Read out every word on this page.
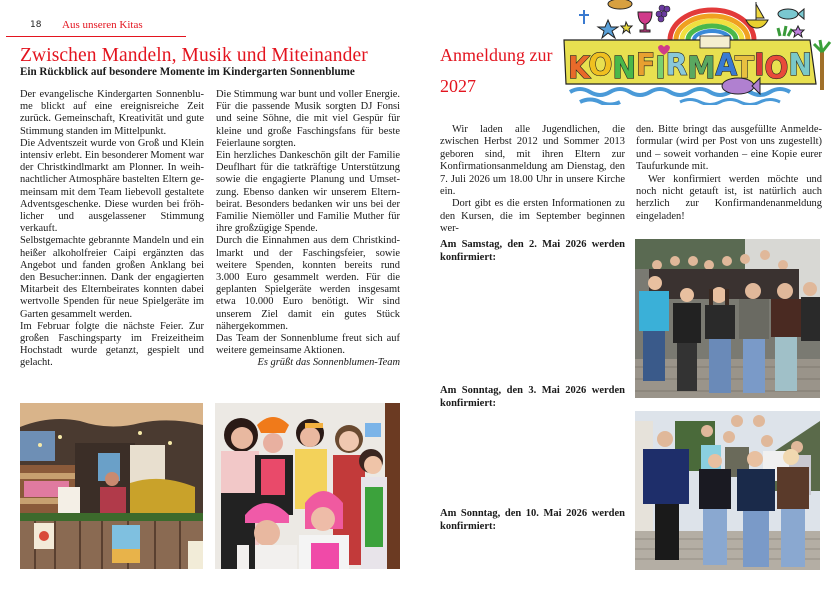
18 Aus unseren Kitas
Zwischen Mandeln, Musik und Miteinander
Ein Rückblick auf besondere Momente im Kindergarten Sonnenblume

Der evangelische Kindergarten Sonnenblume blickt auf eine ereignisreiche Zeit zurück. Gemeinschaft, Kreativität und gute Stimmung standen im Mittelpunkt.

Die Adventszeit wurde von Groß und Klein intensiv erlebt. Ein besonderer Moment war der Christkindlmarkt am Plonner. In weihnachtlicher Atmosphäre bastelten Eltern gemeinsam mit dem Team liebevoll gestaltete Adventsgeschenke. Diese wurden bei fröhlicher und ausgelassener Stimmung verkauft.

Selbstgemachte gebrannte Mandeln und ein heißer alkoholfreier Caipi ergänzten das Angebot und fanden großen Anklang bei den Besucher:innen. Dank der engagierten Mitarbeit des Elternbeirates konnten dabei wertvolle Spenden für neue Spielgeräte im Garten gesammelt werden.

Im Februar folgte die nächste Feier. Zur großen Faschingsparty im Freizeitheim Hochstadt wurde getanzt, gespielt und gelacht.

Die Stimmung war bunt und voller Energie. Für die passende Musik sorgten DJ Fonsi und seine Söhne, die mit viel Gespür für kleine und große Faschingsfans für beste Feierlaune sorgten.

Ein herzliches Dankeschön gilt der Familie Deuflhart für die tatkräftige Unterstützung sowie die engagierte Planung und Umsetzung. Ebenso danken wir unserem Elternbeirat. Besonders bedanken wir uns bei der Familie Niemöller und Familie Muther für ihre großzügige Spende.

Durch die Einnahmen aus dem Christkindlmarkt und der Faschingsfeier, sowie weitere Spenden, konnten bereits rund 3.000 Euro gesammelt werden. Für die geplanten Spielgeräte werden insgesamt etwa 10.000 Euro benötigt. Wir sind unserem Ziel damit ein gutes Stück nähergekommen.

Das Team der Sonnenblume freut sich auf weitere gemeinsame Aktionen.

Es grüßt das Sonnenblumen-Team

Anmeldung zur
2027	KONFIRMATION

Wir laden alle Jugendlichen, die zwischen Herbst 2012 und Sommer 2013 geboren sind, mit ihren Eltern zur Konfirmationsanmeldung am Dienstag, den 7. Juli 2026 um 18.00 Uhr in unsere Kirche ein.

Dort gibt es die ersten Informationen zu den Kursen, die im September beginnen wer-

den. Bitte bringt das ausgefüllte Anmeldeformular (wird per Post von uns zugestellt) und – soweit vorhanden – eine Kopie eurer Taufurkunde mit.

Wer konfirmiert werden möchte und noch nicht getauft ist, ist natürlich auch herzlich zur Konfirmandenanmeldung eingeladen!

Am Samstag, den 2. Mai 2026 werden konfirmiert:
Am Sonntag, den 3. Mai 2026 werden konfirmiert:
Am Sonntag, den 10. Mai 2026 werden konfirmiert:
